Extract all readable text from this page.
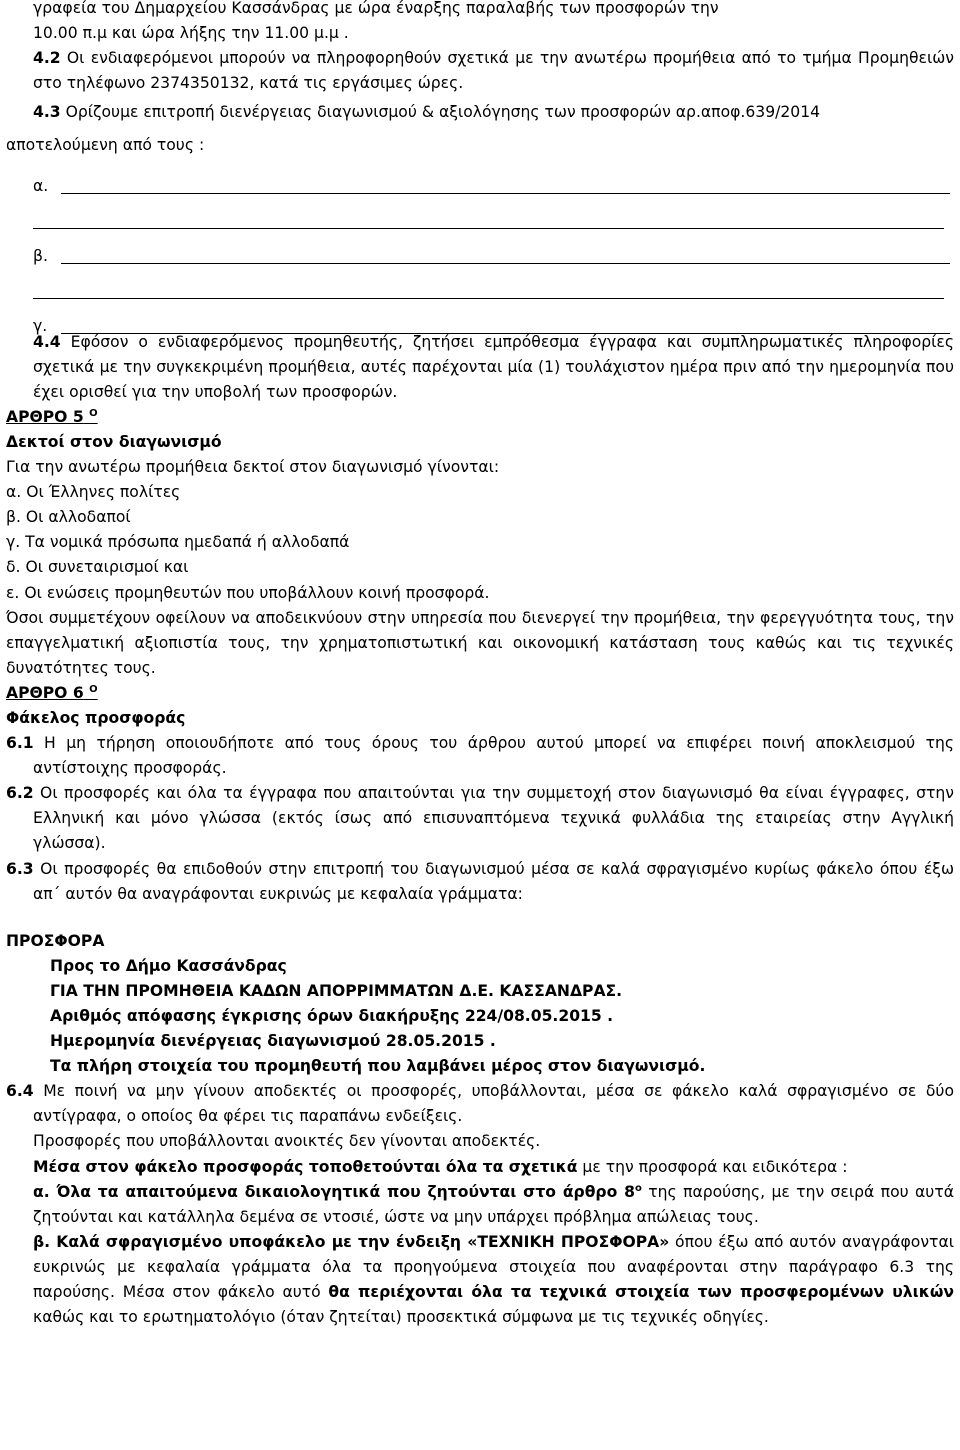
γραφεία του Δημαρχείου Κασσάνδρας με ώρα έναρξης παραλαβής των προσφορών την

10.00 π.μ και ώρα λήξης την 11.00 μ.μ .

4.2 Οι ενδιαφερόμενοι μπορούν να πληροφορηθούν σχετικά με την ανωτέρω προμήθεια από το τμήμα Προμηθειών στο τηλέφωνο 2374350132, κατά τις εργάσιμες ώρες.

4.3 Ορίζουμε επιτροπή διενέργειας διαγωνισμού & αξιολόγησης των προσφορών αρ.αποφ.639/2014

αποτελούμενη από τους :

α.
β.
γ.

4.4 Εφόσον ο ενδιαφερόμενος προμηθευτής, ζητήσει εμπρόθεσμα έγγραφα και συμπληρωματικές πληροφορίες σχετικά με την συγκεκριμένη προμήθεια, αυτές παρέχονται μία (1) τουλάχιστον ημέρα πριν από την ημερομηνία που έχει ορισθεί για την υποβολή των προσφορών.

ΑΡΘΡΟ 5 $^O$

Δεκτοί στον διαγωνισμό

Για την ανωτέρω προμήθεια δεκτοί στον διαγωνισμό γίνονται:

α. Οι Έλληνες πολίτες

β. Οι αλλοδαποί

γ. Τα νομικά πρόσωπα ημεδαπά ή αλλοδαπά

δ. Οι συνεταιρισμοί και

ε. Οι ενώσεις προμηθευτών που υποβάλλουν κοινή προσφορά.

Όσοι συμμετέχουν οφείλουν να αποδεικνύουν στην υπηρεσία που διενεργεί την προμήθεια, την φερεγγυότητα τους, την επαγγελματική αξιοπιστία τους, την χρηματοπιστωτική και οικονομική κατάσταση τους καθώς και τις τεχνικές δυνατότητες τους.

ΑΡΘΡΟ 6 $^O$

Φάκελος προσφοράς

6.1 Η μη τήρηση οποιουδήποτε από τους όρους του άρθρου αυτού μπορεί να επιφέρει ποινή αποκλεισμού της αντίστοιχης προσφοράς.

6.2 Οι προσφορές και όλα τα έγγραφα που απαιτούνται για την συμμετοχή στον διαγωνισμό θα είναι έγγραφες, στην Ελληνική και μόνο γλώσσα (εκτός ίσως από επισυναπτόμενα τεχνικά φυλλάδια της εταιρείας στην Αγγλική γλώσσα).

6.3 Οι προσφορές θα επιδοθούν στην επιτροπή του διαγωνισμού μέσα σε καλά σφραγισμένο κυρίως φάκελο όπου έξω απ΄ αυτόν θα αναγράφονται ευκρινώς με κεφαλαία γράμματα:

ΠΡΟΣΦΟΡΑ

Προς το Δήμο Κασσάνδρας

ΓΙΑ ΤΗΝ ΠΡΟΜΗΘΕΙΑ ΚΑΔΩΝ ΑΠΟΡΡΙΜΜΑΤΩΝ Δ.Ε. ΚΑΣΣΑΝΔΡΑΣ.

Αριθμός απόφασης έγκρισης όρων διακήρυξης 224/08.05.2015 .

Ημερομηνία διενέργειας διαγωνισμού 28.05.2015 .

Τα πλήρη στοιχεία του προμηθευτή που λαμβάνει μέρος στον διαγωνισμό.

6.4 Με ποινή να μην γίνουν αποδεκτές οι προσφορές, υποβάλλονται, μέσα σε φάκελο καλά σφραγισμένο σε δύο αντίγραφα, ο οποίος θα φέρει τις παραπάνω ενδείξεις.

Προσφορές που υποβάλλονται ανοικτές δεν γίνονται αποδεκτές.

Μέσα στον φάκελο προσφοράς τοποθετούνται όλα τα σχετικά με την προσφορά και ειδικότερα :

α. Όλα τα απαιτούμενα δικαιολογητικά που ζητούνται στο άρθρο $8^o$ της παρούσης, με την σειρά που αυτά ζητούνται και κατάλληλα δεμένα σε ντοσιέ, ώστε να μην υπάρχει πρόβλημα απώλειας τους.

β. Καλά σφραγισμένο υποφάκελο με την ένδειξη «ΤΕΧΝΙΚΗ ΠΡΟΣΦΟΡΑ» όπου έξω από αυτόν αναγράφονται ευκρινώς με κεφαλαία γράμματα όλα τα προηγούμενα στοιχεία που αναφέρονται στην παράγραφο 6.3 της παρούσης. Μέσα στον φάκελο αυτό θα περιέχονται όλα τα τεχνικά στοιχεία των προσφερομένων υλικών καθώς και το ερωτηματολόγιο (όταν ζητείται) προσεκτικά σύμφωνα με τις τεχνικές οδηγίες.
